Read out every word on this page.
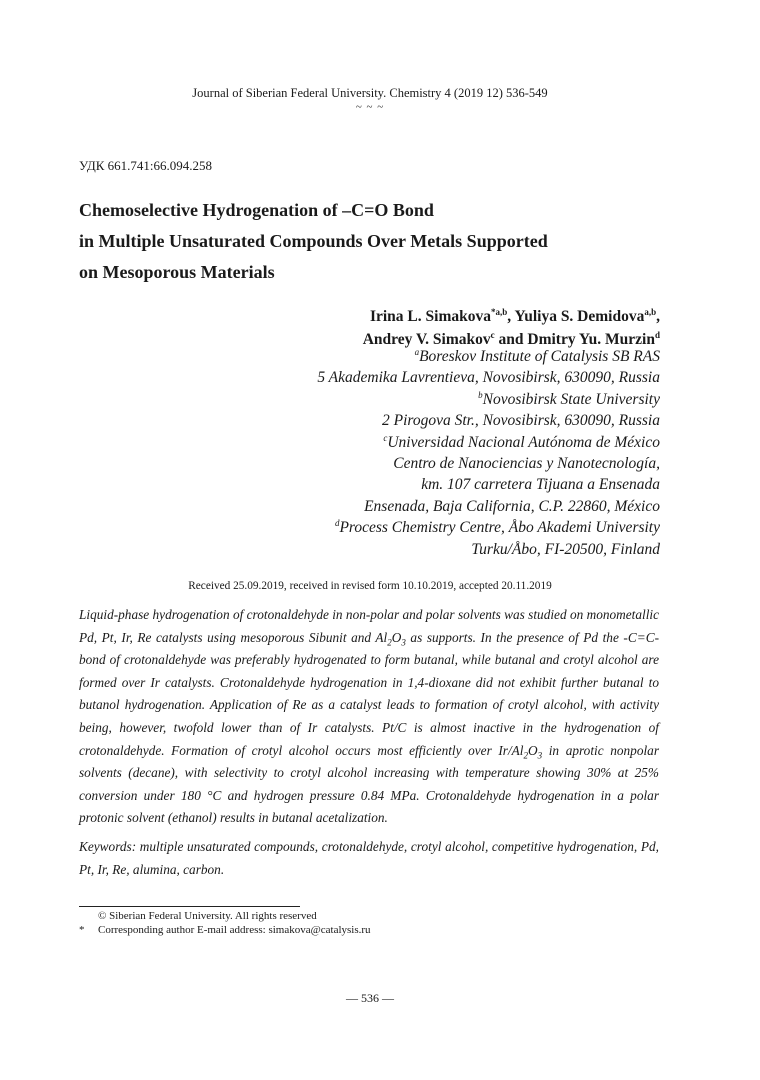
Journal of Siberian Federal University. Chemistry 4 (2019 12) 536-549
~ ~ ~
УДК 661.741:66.094.258
Chemoselective Hydrogenation of –C=O Bond
in Multiple Unsaturated Compounds Over Metals Supported
on Mesoporous Materials
Irina L. Simakova$^{*a,b}$, Yuliya S. Demidova$^{a,b}$,
Andrey V. Simakov$^c$ and Dmitry Yu. Murzin$^d$
$^a$Boreskov Institute of Catalysis SB RAS
5 Akademika Lavrentieva, Novosibirsk, 630090, Russia
$^b$Novosibirsk State University
2 Pirogova Str., Novosibirsk, 630090, Russia
$^c$Universidad Nacional Autónoma de México
Centro de Nanociencias y Nanotecnología,
km. 107 carretera Tijuana a Ensenada
Ensenada, Baja California, C.P. 22860, México
$^d$Process Chemistry Centre, Åbo Akademi University
Turku/Åbo, FI-20500, Finland
Received 25.09.2019, received in revised form 10.10.2019, accepted 20.11.2019
Liquid-phase hydrogenation of crotonaldehyde in non-polar and polar solvents was studied on monometallic Pd, Pt, Ir, Re catalysts using mesoporous Sibunit and $Al_2O_3$ as supports. In the presence of Pd the -C=C- bond of crotonaldehyde was preferably hydrogenated to form butanal, while butanal and crotyl alcohol are formed over Ir catalysts. Crotonaldehyde hydrogenation in 1,4-dioxane did not exhibit further butanal to butanol hydrogenation. Application of Re as a catalyst leads to formation of crotyl alcohol, with activity being, however, twofold lower than of Ir catalysts. Pt/C is almost inactive in the hydrogenation of crotonaldehyde. Formation of crotyl alcohol occurs most efficiently over $Ir/Al_2O_3$ in aprotic nonpolar solvents (decane), with selectivity to crotyl alcohol increasing with temperature showing 30% at 25% conversion under 180 °C and hydrogen pressure 0.84 MPa. Crotonaldehyde hydrogenation in a polar protonic solvent (ethanol) results in butanal acetalization.
Keywords: multiple unsaturated compounds, crotonaldehyde, crotyl alcohol, competitive hydrogenation, Pd, Pt, Ir, Re, alumina, carbon.
© Siberian Federal University. All rights reserved
* Corresponding author E-mail address: simakova@catalysis.ru
— 536 —
